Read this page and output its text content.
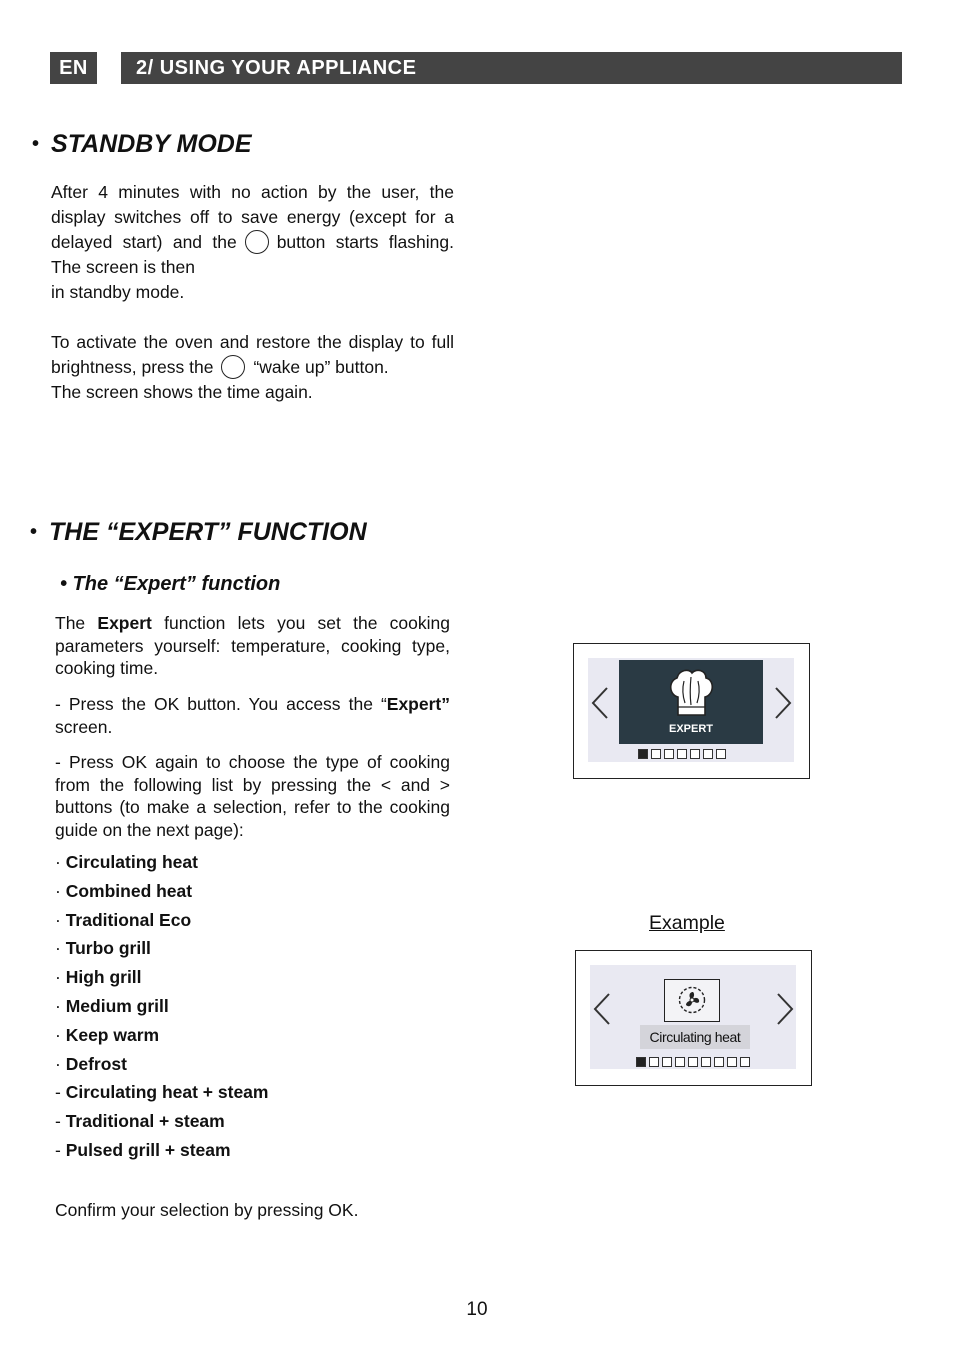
EN	2/ USING YOUR APPLIANCE
• STANDBY MODE
After 4 minutes with no action by the user, the display switches off to save energy (except for a delayed start) and the button starts flashing. The screen is then
in standby mode.
To activate the oven and restore the display to full brightness, press the “wake up” button.
The screen shows the time again.
• THE “EXPERT” FUNCTION
• The “Expert” function
The Expert function lets you set the cooking parameters yourself: temperature, cooking type, cooking time.
- Press the OK button. You access the “Expert” screen.
- Press OK again to choose the type of cooking from the following list by pressing the < and > buttons (to make a selection, refer to the cooking guide on the next page):
· Circulating heat
· Combined heat
· Traditional Eco
· Turbo grill
· High grill
· Medium grill
· Keep warm
· Defrost
- Circulating heat + steam
- Traditional + steam
- Pulsed grill + steam
Confirm your selection by pressing OK.
EXPERT
Example
Circulating heat
10
